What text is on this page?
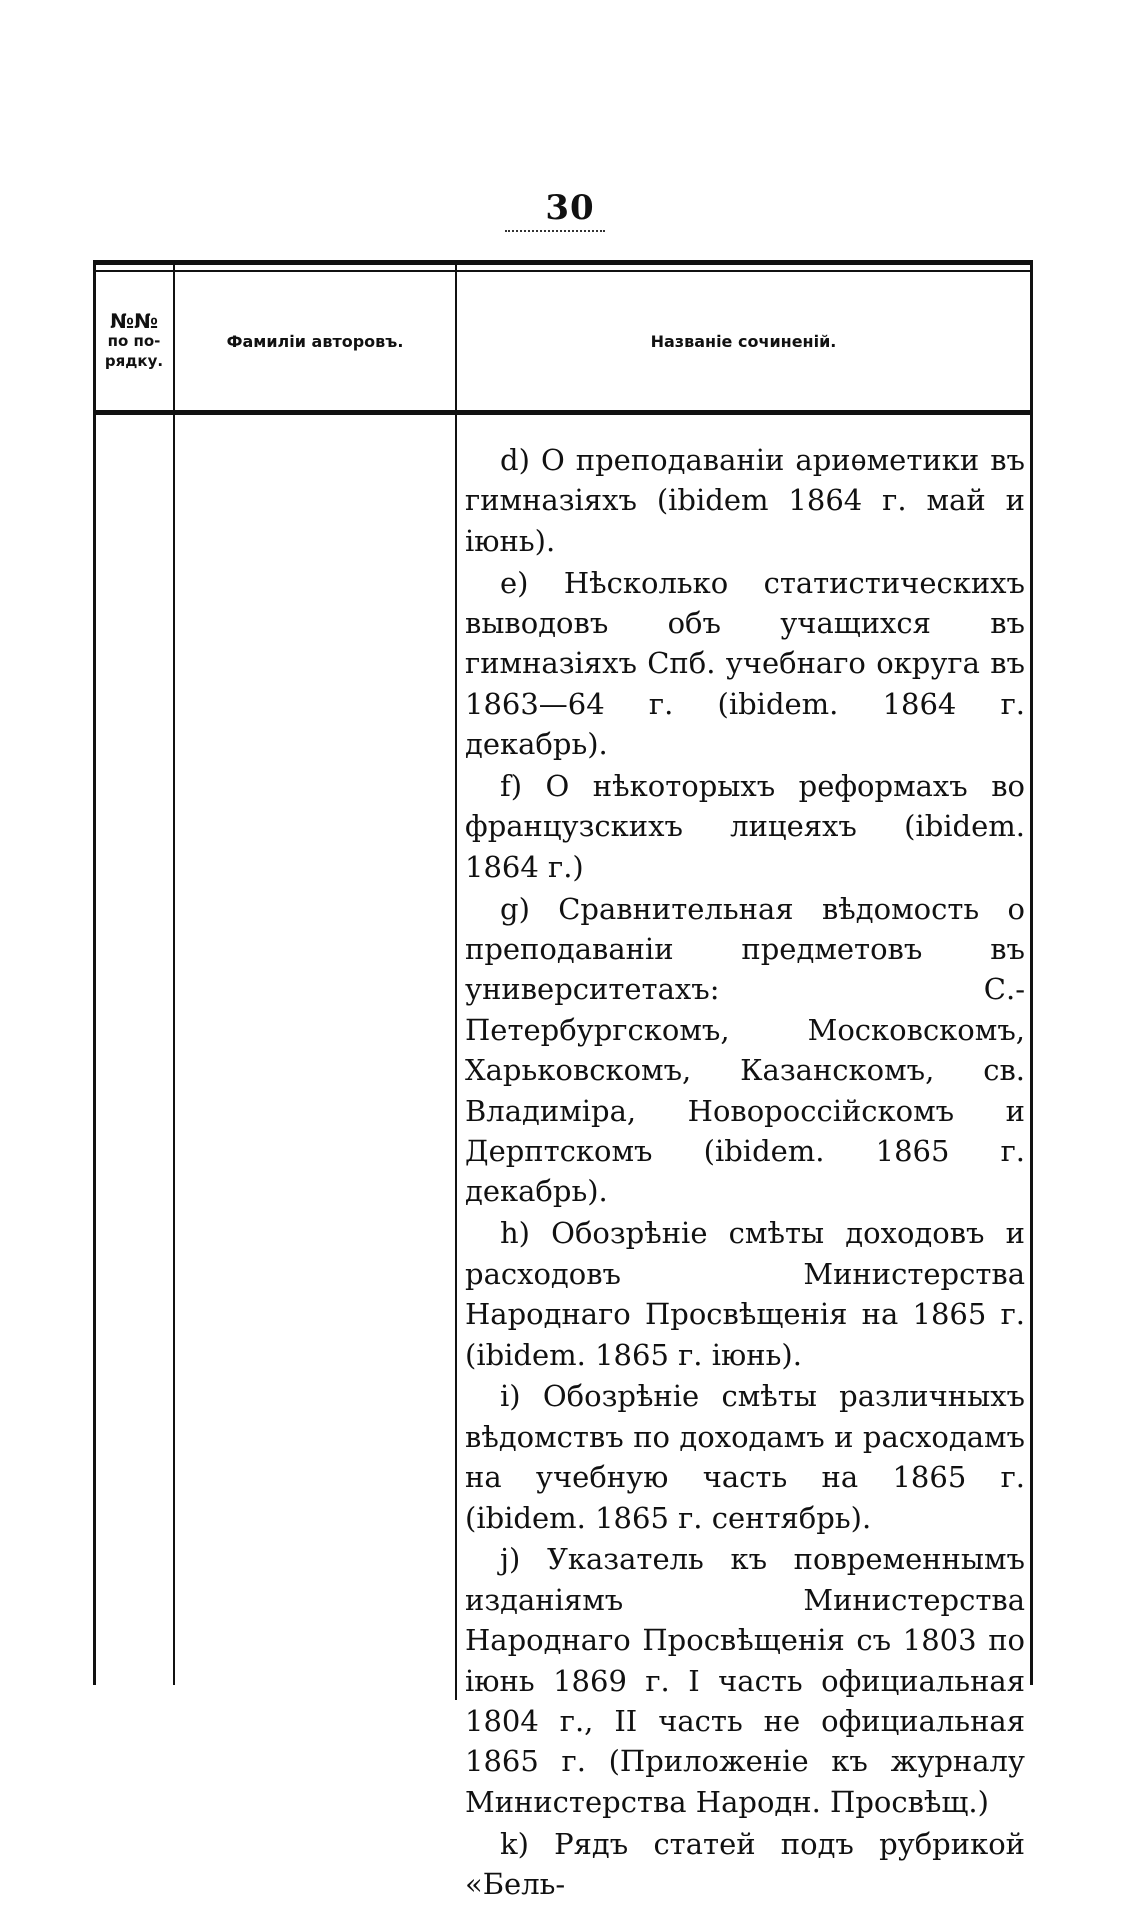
30
№№
по по-
рядку.
Фамиліи авторовъ.	Названіе сочиненій.

d) О преподаваніи ариѳметики въ гимназіяхъ (ibidem 1864 г. май и іюнь).

е) Нѣсколько статистическихъ выводовъ объ учащихся въ гимназіяхъ Спб. учебнаго округа въ 1863—64 г. (ibidem. 1864 г. декабрь).

f) О нѣкоторыхъ реформахъ во французскихъ лицеяхъ (ibidem. 1864 г.)

g) Сравнительная вѣдомость о преподаваніи предметовъ въ университетахъ: С.-Петербургскомъ, Московскомъ, Харьковскомъ, Казанскомъ, св. Владиміра, Новороссійскомъ и Дерптскомъ (ibidem. 1865 г. декабрь).

h) Обозрѣніе смѣты доходовъ и расходовъ Министерства Народнаго Просвѣщенія на 1865 г. (ibidem. 1865 г. іюнь).

i) Обозрѣніе смѣты различныхъ вѣдомствъ по доходамъ и расходамъ на учебную часть на 1865 г. (ibidem. 1865 г. сентябрь).

j) Указатель къ повременнымъ изданіямъ Министерства Народнаго Просвѣщенія съ 1803 по іюнь 1869 г. I часть официальная 1804 г., II часть не официальная 1865 г. (Приложеніе къ журналу Министерства Народн. Просвѣщ.)

k) Рядъ статей подъ рубрикой «Бель-
